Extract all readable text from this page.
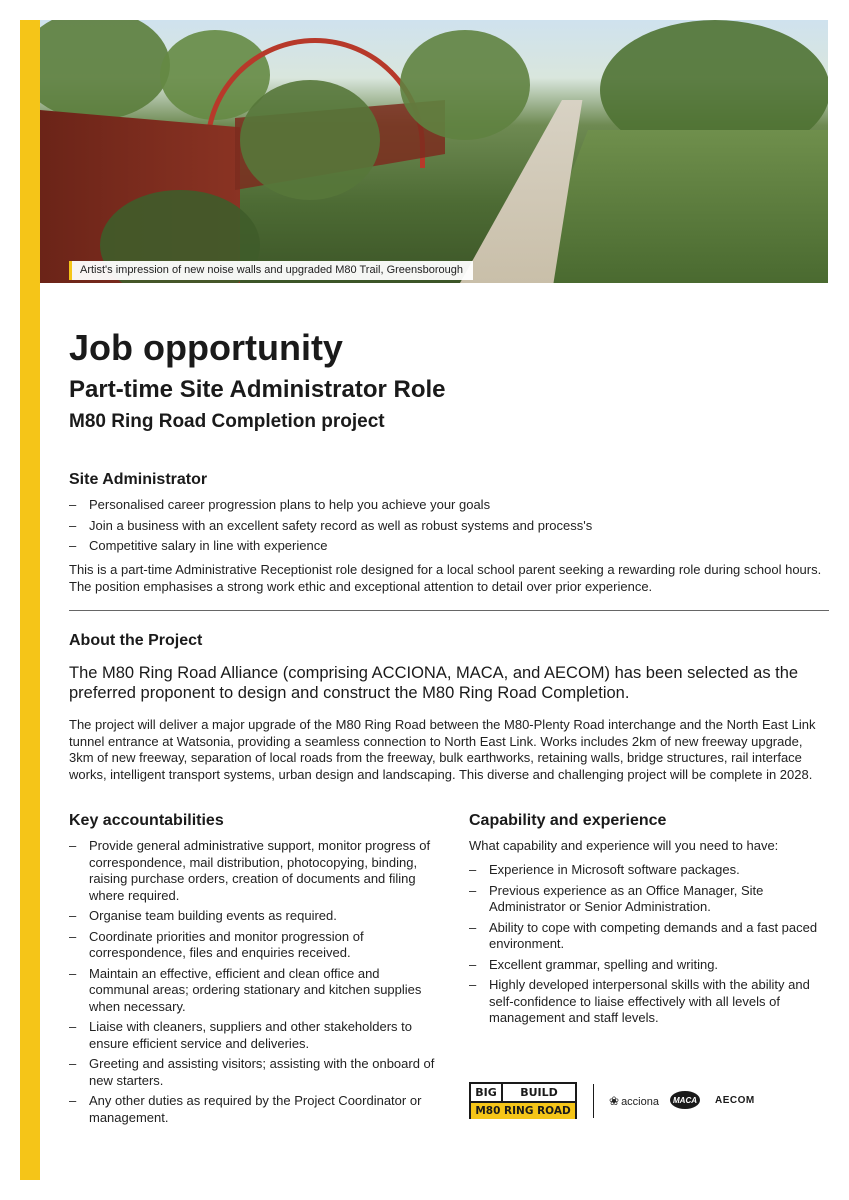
Artist's impression of new noise walls and upgraded M80 Trail, Greensborough
Job opportunity
Part-time Site Administrator Role
M80 Ring Road Completion project
Site Administrator
– Personalised career progression plans to help you achieve your goals
– Join a business with an excellent safety record as well as robust systems and process's
– Competitive salary in line with experience

This is a part-time Administrative Receptionist role designed for a local school parent seeking a rewarding role during school hours. The position emphasises a strong work ethic and exceptional attention to detail over prior experience.

About the Project

The M80 Ring Road Alliance (comprising ACCIONA, MACA, and AECOM) has been selected as the preferred proponent to design and construct the M80 Ring Road Completion.

The project will deliver a major upgrade of the M80 Ring Road between the M80-Plenty Road interchange and the North East Link tunnel entrance at Watsonia, providing a seamless connection to North East Link. Works includes 2km of new freeway upgrade, 3km of new freeway, separation of local roads from the freeway, bulk earthworks, retaining walls, bridge structures, rail interface works, intelligent transport systems, urban design and landscaping. This diverse and challenging project will be complete in 2028.

Key accountabilities
– Provide general administrative support, monitor progress of correspondence, mail distribution, photocopying, binding, raising purchase orders, creation of documents and filing where required.
– Organise team building events as required.
– Coordinate priorities and monitor progression of correspondence, files and enquiries received.
– Maintain an effective, efficient and clean office and communal areas; ordering stationary and kitchen supplies when necessary.
– Liaise with cleaners, suppliers and other stakeholders to ensure efficient service and deliveries.
– Greeting and assisting visitors; assisting with the onboard of new starters.
– Any other duties as required by the Project Coordinator or management.
Capability and experience

What capability and experience will you need to have:

– Experience in Microsoft software packages.
– Previous experience as an Office Manager, Site Administrator or Senior Administration.
– Ability to cope with competing demands and a fast paced environment.
– Excellent grammar, spelling and writing.
– Highly developed interpersonal skills with the ability and self-confidence to liaise effectively with all levels of management and staff levels.
BIG	BUILD
M80 RING ROAD
❀ acciona	MACA	AECOM
